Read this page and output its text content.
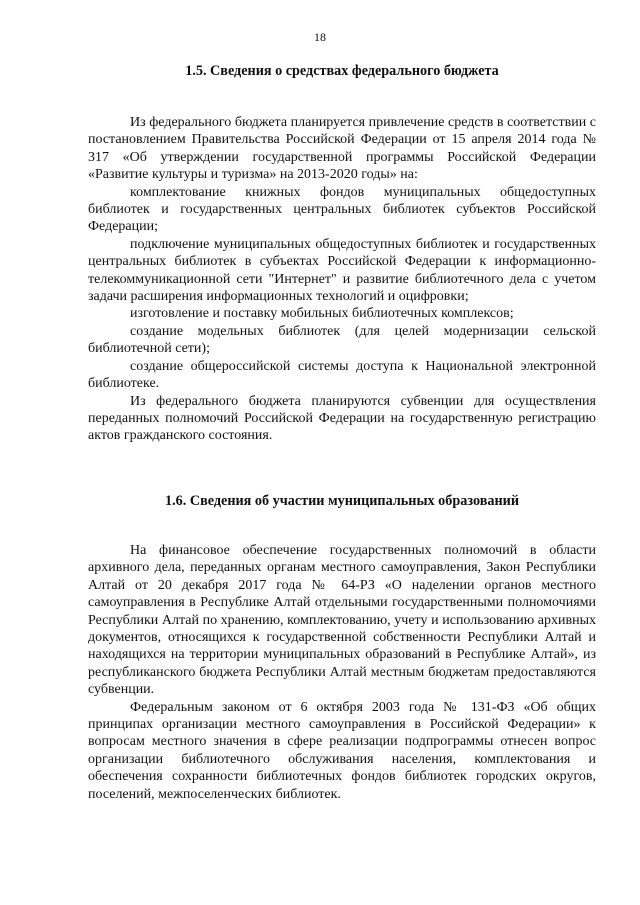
18
1.5. Сведения о средствах федерального бюджета

Из федерального бюджета планируется привлечение средств в соответствии с постановлением Правительства Российской Федерации от 15 апреля 2014 года № 317 «Об утверждении государственной программы Российской Федерации «Развитие культуры и туризма» на 2013-2020 годы» на:

комплектование книжных фондов муниципальных общедоступных библиотек и государственных центральных библиотек субъектов Российской Федерации;

подключение муниципальных общедоступных библиотек и государственных центральных библиотек в субъектах Российской Федерации к информационно-телекоммуникационной сети "Интернет" и развитие библиотечного дела с учетом задачи расширения информационных технологий и оцифровки;

изготовление и поставку мобильных библиотечных комплексов;

создание модельных библиотек (для целей модернизации сельской библиотечной сети);

создание общероссийской системы доступа к Национальной электронной библиотеке.

Из федерального бюджета планируются субвенции для осуществления переданных полномочий Российской Федерации на государственную регистрацию актов гражданского состояния.

1.6. Сведения об участии муниципальных образований

На финансовое обеспечение государственных полномочий в области архивного дела, переданных органам местного самоуправления, Закон Республики Алтай от 20 декабря 2017 года № 64-РЗ «О наделении органов местного самоуправления в Республике Алтай отдельными государственными полномочиями Республики Алтай по хранению, комплектованию, учету и использованию архивных документов, относящихся к государственной собственности Республики Алтай и находящихся на территории муниципальных образований в Республике Алтай», из республиканского бюджета Республики Алтай местным бюджетам предоставляются субвенции.

Федеральным законом от 6 октября 2003 года № 131-ФЗ «Об общих принципах организации местного самоуправления в Российской Федерации» к вопросам местного значения в сфере реализации подпрограммы отнесен вопрос организации библиотечного обслуживания населения, комплектования и обеспечения сохранности библиотечных фондов библиотек городских округов, поселений, межпоселенческих библиотек.
